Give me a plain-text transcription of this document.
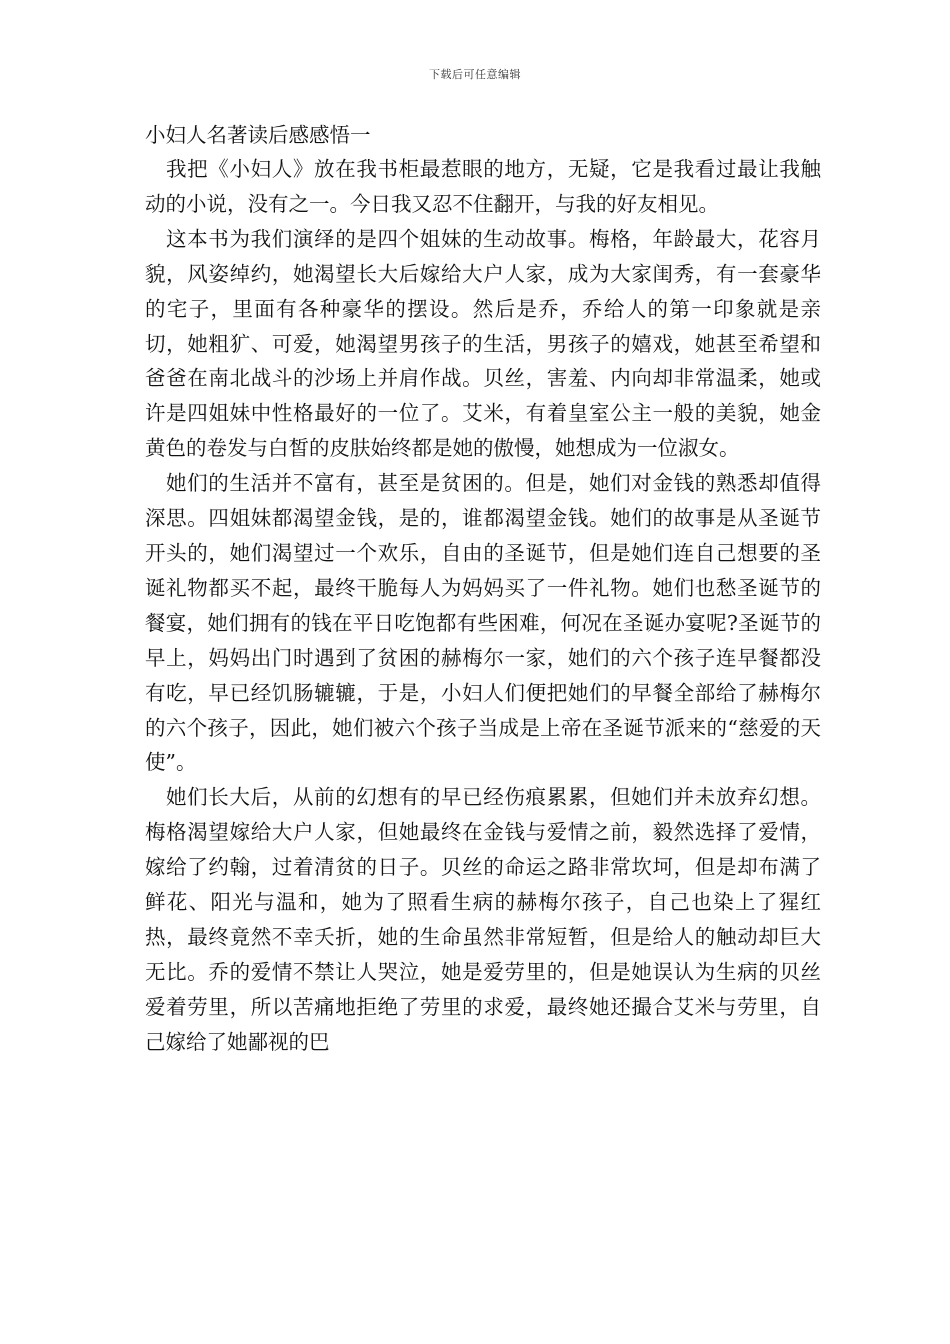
下载后可任意编辑
小妇人名著读后感感悟一

我把《小妇人》放在我书柜最惹眼的地方，无疑，它是我看过最让我触动的小说，没有之一。今日我又忍不住翻开，与我的好友相见。

这本书为我们演绎的是四个姐妹的生动故事。梅格，年龄最大，花容月貌，风姿绰约，她渴望长大后嫁给大户人家，成为大家闺秀，有一套豪华的宅子，里面有各种豪华的摆设。然后是乔，乔给人的第一印象就是亲切，她粗犷、可爱，她渴望男孩子的生活，男孩子的嬉戏，她甚至希望和爸爸在南北战斗的沙场上并肩作战。贝丝，害羞、内向却非常温柔，她或许是四姐妹中性格最好的一位了。艾米，有着皇室公主一般的美貌，她金黄色的卷发与白皙的皮肤始终都是她的傲慢，她想成为一位淑女。

她们的生活并不富有，甚至是贫困的。但是，她们对金钱的熟悉却值得深思。四姐妹都渴望金钱，是的，谁都渴望金钱。她们的故事是从圣诞节开头的，她们渴望过一个欢乐，自由的圣诞节，但是她们连自己想要的圣诞礼物都买不起，最终干脆每人为妈妈买了一件礼物。她们也愁圣诞节的餐宴，她们拥有的钱在平日吃饱都有些困难，何况在圣诞办宴呢?圣诞节的早上，妈妈出门时遇到了贫困的赫梅尔一家，她们的六个孩子连早餐都没有吃，早已经饥肠辘辘，于是，小妇人们便把她们的早餐全部给了赫梅尔的六个孩子，因此，她们被六个孩子当成是上帝在圣诞节派来的“慈爱的天使”。

她们长大后，从前的幻想有的早已经伤痕累累，但她们并未放弃幻想。梅格渴望嫁给大户人家，但她最终在金钱与爱情之前，毅然选择了爱情，嫁给了约翰，过着清贫的日子。贝丝的命运之路非常坎坷，但是却布满了鲜花、阳光与温和，她为了照看生病的赫梅尔孩子，自己也染上了猩红热，最终竟然不幸夭折，她的生命虽然非常短暂，但是给人的触动却巨大无比。乔的爱情不禁让人哭泣，她是爱劳里的，但是她误认为生病的贝丝爱着劳里，所以苦痛地拒绝了劳里的求爱，最终她还撮合艾米与劳里，自己嫁给了她鄙视的巴
